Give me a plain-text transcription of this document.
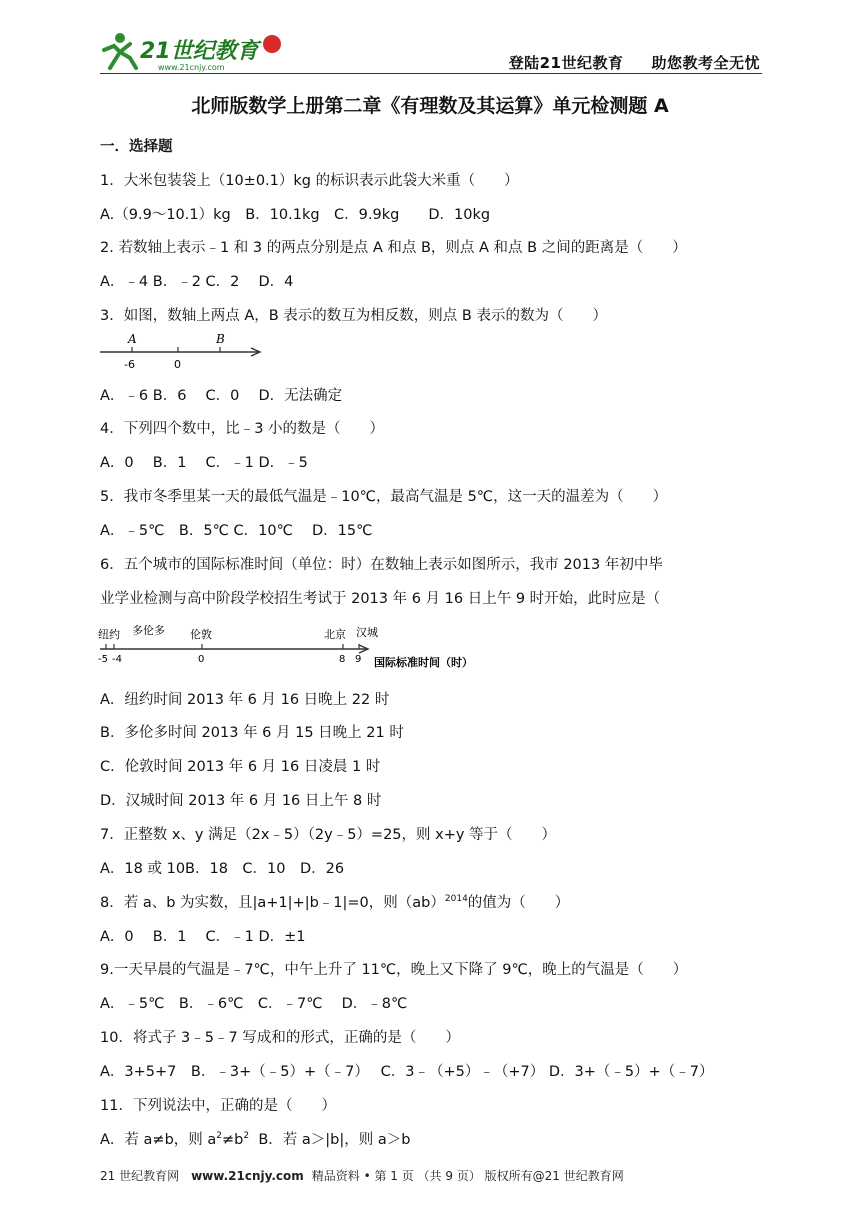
21世纪教育
www.21cnjy.com	登陆21世纪教育 助您教考全无忧
北师版数学上册第二章《有理数及其运算》单元检测题 A
一．选择题
1．大米包装袋上（10±0.1）kg 的标识表示此袋大米重（　　）
A.（9.9～10.1）kg　B．10.1kg　C．9.9kg　　D．10kg
2. 若数轴上表示﹣1 和 3 的两点分别是点 A 和点 B，则点 A 和点 B 之间的距离是（　　）
A．﹣4 B．﹣2 C．2　 D．4
3．如图，数轴上两点 A，B 表示的数互为相反数，则点 B 表示的数为（　　）
A	B
-6	0
A．﹣6 B．6　 C．0　 D．无法确定
4．下列四个数中，比﹣3 小的数是（　　）
A．0　 B．1　 C．﹣1 D．﹣5
5．我市冬季里某一天的最低气温是﹣10℃，最高气温是 5℃，这一天的温差为（　　）
A．﹣5℃　B．5℃ C．10℃　 D．15℃
6．五个城市的国际标准时间（单位：时）在数轴上表示如图所示，我市 2013 年初中毕
业学业检测与高中阶段学校招生考试于 2013 年 6 月 16 日上午 9 时开始，此时应是（
纽约 多伦多 伦敦	北京 汉城
-5 -4	0	8 9 国际标准时间（时）
A．纽约时间 2013 年 6 月 16 日晚上 22 时
B．多伦多时间 2013 年 6 月 15 日晚上 21 时
C．伦敦时间 2013 年 6 月 16 日凌晨 1 时
D．汉城时间 2013 年 6 月 16 日上午 8 时
7．正整数 x、y 满足（2x﹣5）（2y﹣5）=25，则 x+y 等于（　　）
A．18 或 10B．18　C．10　D．26
8．若 a、b 为实数，且|a+1|+|b﹣1|=0，则（ab）$^{2014}$的值为（　　）
A．0　 B．1　 C．﹣1 D．±1
9.一天早晨的气温是﹣7℃，中午上升了 11℃，晚上又下降了 9℃，晚上的气温是（　　）
A．﹣5℃　B．﹣6℃　C．﹣7℃　 D．﹣8℃
10．将式子 3﹣5﹣7 写成和的形式，正确的是（　　）
A．3+5+7　B．﹣3+（﹣5）+（﹣7）　 C．3﹣（+5）﹣（+7） D．3+（﹣5）+（﹣7）
11．下列说法中，正确的是（　　）
A．若 a≠b，则 $a^2\ne b^2$ B．若 a＞|b|，则 a＞b
21 世纪教育网 www.21cnjy.com 精品资料 • 第 1 页 （共 9 页） 版权所有@21 世纪教育网
